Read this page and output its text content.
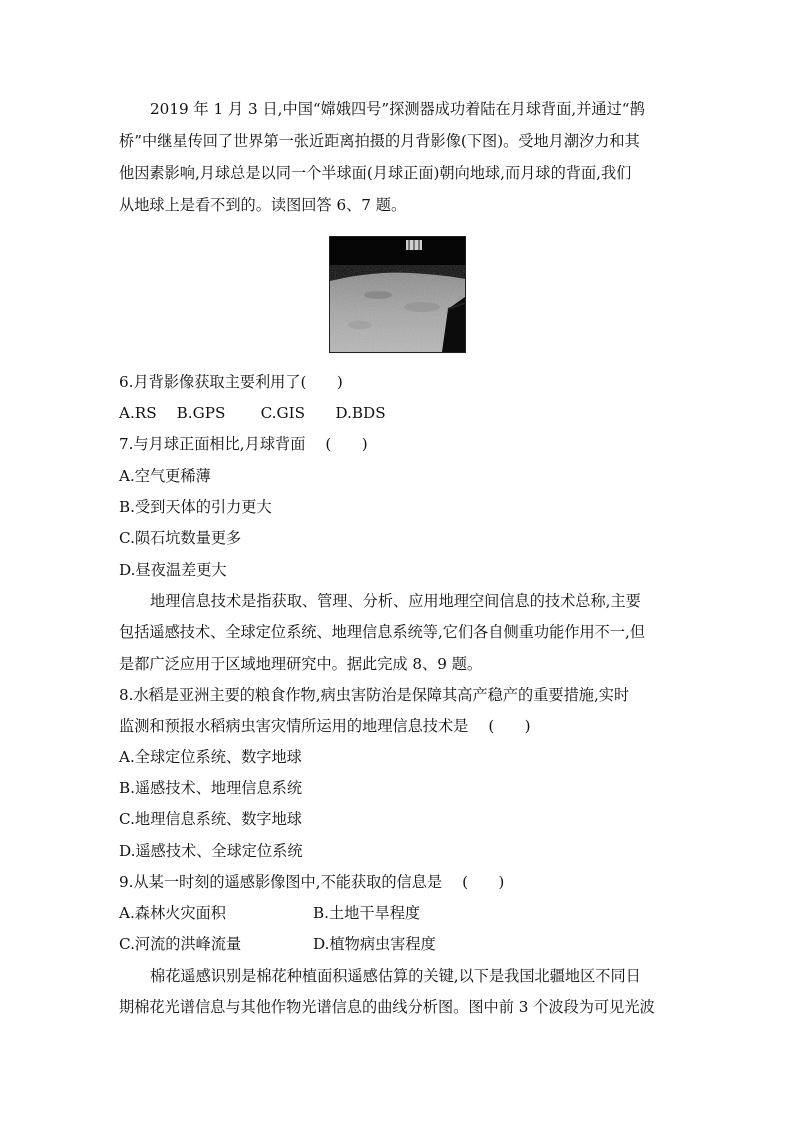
2019 年 1 月 3 日,中国“嫦娥四号”探测器成功着陆在月球背面,并通过“鹊
桥”中继星传回了世界第一张近距离拍摄的月背影像(下图)。受地月潮汐力和其
他因素影响,月球总是以同一个半球面(月球正面)朝向地球,而月球的背面,我们
从地球上是看不到的。读图回答 6、7 题。
6.月背影像获取主要利用了(　　)
A.RS　 B.GPS　　 C.GIS　　D.BDS
7.与月球正面相比,月球背面　 (　　)
A.空气更稀薄
B.受到天体的引力更大
C.陨石坑数量更多
D.昼夜温差更大
地理信息技术是指获取、管理、分析、应用地理空间信息的技术总称,主要
包括遥感技术、全球定位系统、地理信息系统等,它们各自侧重功能作用不一,但
是都广泛应用于区域地理研究中。据此完成 8、9 题。
8.水稻是亚洲主要的粮食作物,病虫害防治是保障其高产稳产的重要措施,实时
监测和预报水稻病虫害灾情所运用的地理信息技术是　 (　　)
A.全球定位系统、数字地球
B.遥感技术、地理信息系统
C.地理信息系统、数字地球
D.遥感技术、全球定位系统
9.从某一时刻的遥感影像图中,不能获取的信息是　 (　　)
A.森林火灾面积	B.土地干旱程度
C.河流的洪峰流量	D.植物病虫害程度
棉花遥感识别是棉花种植面积遥感估算的关键,以下是我国北疆地区不同日
期棉花光谱信息与其他作物光谱信息的曲线分析图。图中前 3 个波段为可见光波
